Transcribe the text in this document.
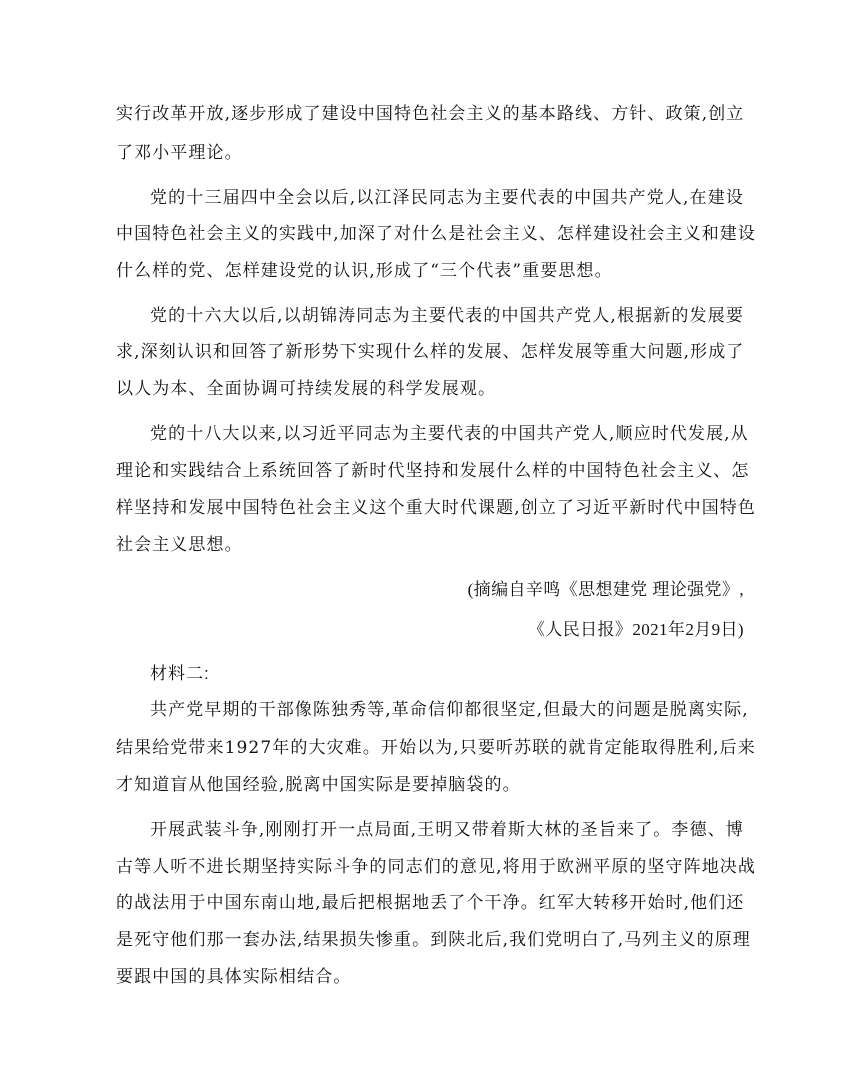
实行改革开放,逐步形成了建设中国特色社会主义的基本路线、方针、政策,创立

了邓小平理论。

党的十三届四中全会以后,以江泽民同志为主要代表的中国共产党人,在建设

中国特色社会主义的实践中,加深了对什么是社会主义、怎样建设社会主义和建设

什么样的党、怎样建设党的认识,形成了“三个代表”重要思想。

党的十六大以后,以胡锦涛同志为主要代表的中国共产党人,根据新的发展要

求,深刻认识和回答了新形势下实现什么样的发展、怎样发展等重大问题,形成了

以人为本、全面协调可持续发展的科学发展观。

党的十八大以来,以习近平同志为主要代表的中国共产党人,顺应时代发展,从

理论和实践结合上系统回答了新时代坚持和发展什么样的中国特色社会主义、怎

样坚持和发展中国特色社会主义这个重大时代课题,创立了习近平新时代中国特色

社会主义思想。

(摘编自辛鸣《思想建党 理论强党》,

《人民日报》2021年2月9日)

材料二:

共产党早期的干部像陈独秀等,革命信仰都很坚定,但最大的问题是脱离实际,

结果给党带来1927年的大灾难。开始以为,只要听苏联的就肯定能取得胜利,后来

才知道盲从他国经验,脱离中国实际是要掉脑袋的。

开展武装斗争,刚刚打开一点局面,王明又带着斯大林的圣旨来了。李德、博

古等人听不进长期坚持实际斗争的同志们的意见,将用于欧洲平原的坚守阵地决战

的战法用于中国东南山地,最后把根据地丢了个干净。红军大转移开始时,他们还

是死守他们那一套办法,结果损失惨重。到陕北后,我们党明白了,马列主义的原理

要跟中国的具体实际相结合。
